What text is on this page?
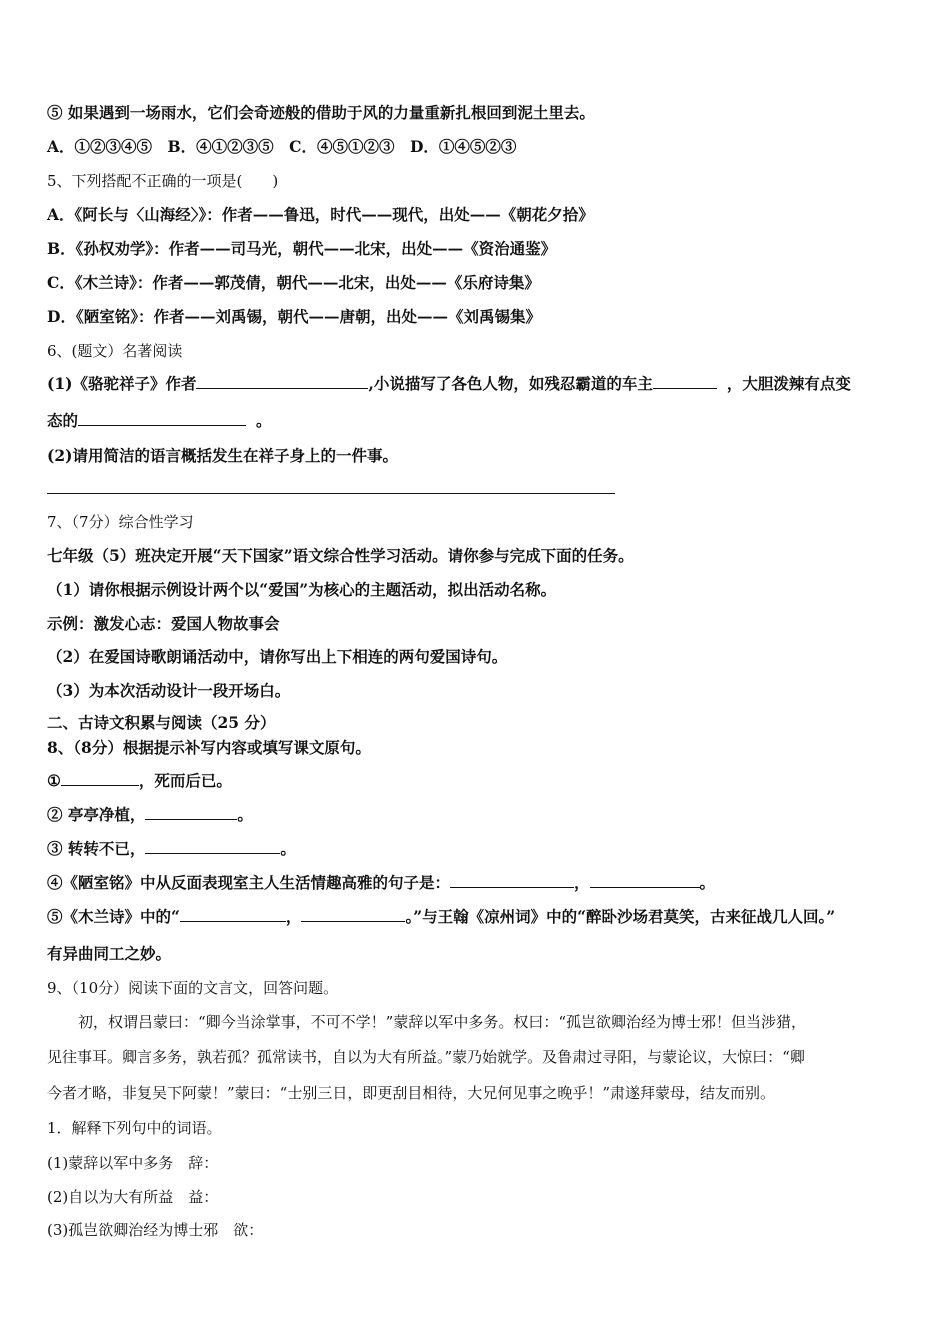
⑤ 如果遇到一场雨水，它们会奇迹般的借助于风的力量重新扎根回到泥土里去。
A．①②③④⑤　B．④①②③⑤　C．④⑤①②③　D．①④⑤②③
5、下列搭配不正确的一项是(　　)
A．《阿长与〈山海经〉》：作者——鲁迅，时代——现代，出处——《朝花夕拾》
B．《孙权劝学》：作者——司马光，朝代——北宋，出处——《资治通鉴》
C．《木兰诗》：作者——郭茂倩，朝代——北宋，出处——《乐府诗集》
D．《陋室铭》：作者——刘禹锡，朝代——唐朝，出处——《刘禹锡集》
6、(题文）名著阅读
(1)《骆驼祥子》作者	,小说描写了各色人物，如残忍霸道的车主	，大胆泼辣有点变
态的	。
(2)请用简洁的语言概括发生在祥子身上的一件事。
7、（7分）综合性学习
七年级（5）班决定开展“天下国家”语文综合性学习活动。请你参与完成下面的任务。
（1）请你根据示例设计两个以“爱国”为核心的主题活动，拟出活动名称。
示例：激发心志：爱国人物故事会
（2）在爱国诗歌朗诵活动中，请你写出上下相连的两句爱国诗句。
（3）为本次活动设计一段开场白。
二、古诗文积累与阅读（25 分）
8、（8分）根据提示补写内容或填写课文原句。
①	，死而后已。
② 亭亭净植，	。
③ 转转不已，	。
④《陋室铭》中从反面表现室主人生活情趣高雅的句子是：	，	。
⑤《木兰诗》中的“	，	。”与王翰《凉州词》中的“醉卧沙场君莫笑，古来征战几人回。”
有异曲同工之妙。
9、（10分）阅读下面的文言文，回答问题。
初，权谓吕蒙曰：“卿今当涂掌事，不可不学！”蒙辞以军中多务。权曰：“孤岂欲卿治经为博士邪！但当涉猎，
见往事耳。卿言多务，孰若孤？孤常读书，自以为大有所益。”蒙乃始就学。及鲁肃过寻阳，与蒙论议，大惊曰：“卿
今者才略，非复吴下阿蒙！”蒙曰：“士别三日，即更刮目相待，大兄何见事之晚乎！”肃遂拜蒙母，结友而别。
1．解释下列句中的词语。
(1)蒙辞以军中多务　辞：
(2)自以为大有所益　益：
(3)孤岂欲卿治经为博士邪　欲：
